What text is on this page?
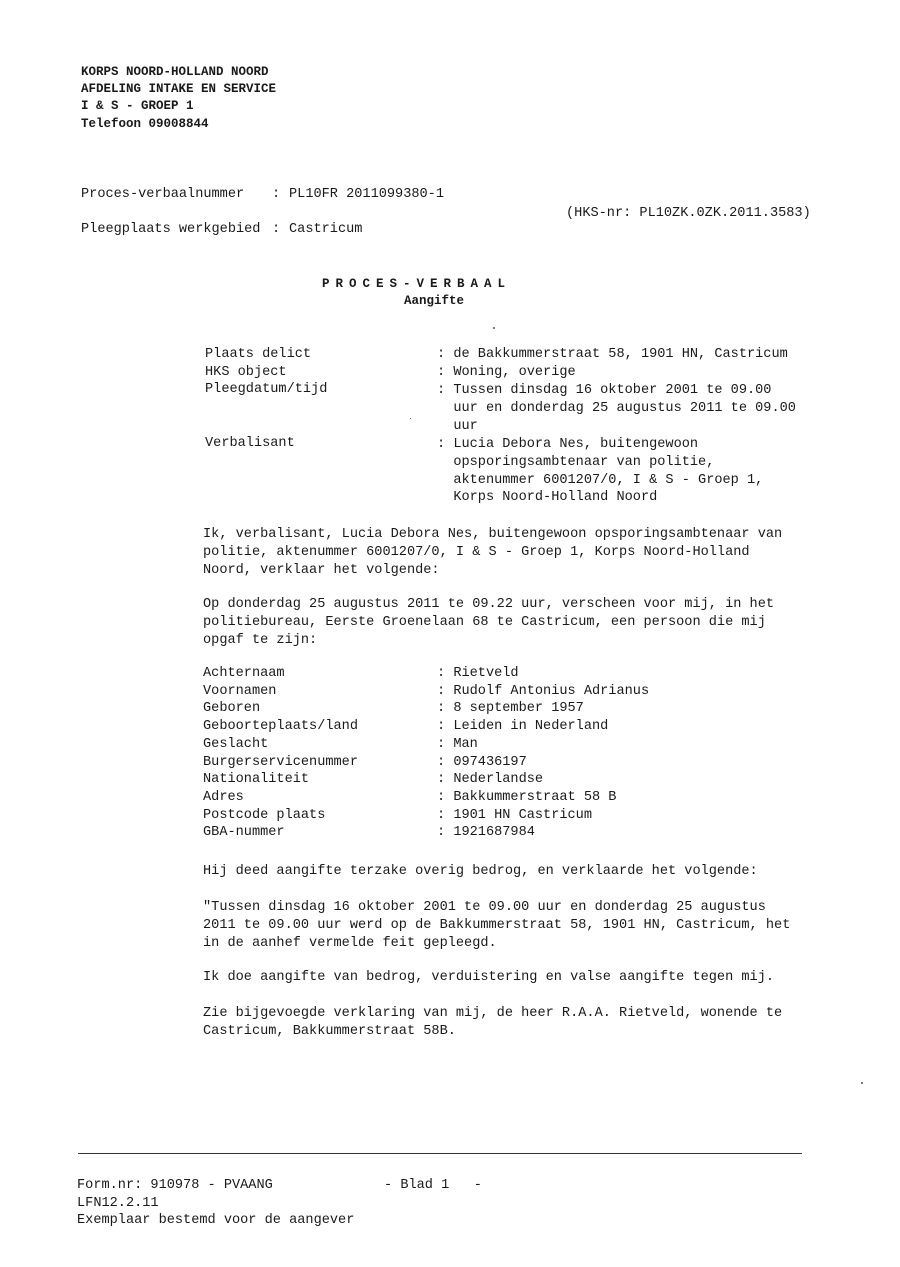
KORPS NOORD-HOLLAND NOORD
AFDELING INTAKE EN SERVICE
I & S - GROEP 1
Telefoon 09008844
Proces-verbaalnummer : PL10FR 2011099380-1
(HKS-nr: PL10ZK.0ZK.2011.3583)
Pleegplaats werkgebied : Castricum
PROCES-VERBAAL
Aangifte
Plaats delict	: de Bakkummerstraat 58, 1901 HN, Castricum
HKS object	: Woning, overige
Pleegdatum/tijd	: Tussen dinsdag 16 oktober 2001 te 09.00
uur en donderdag 25 augustus 2011 te 09.00
uur
Verbalisant	: Lucia Debora Nes, buitengewoon
opsporingsambtenaar van politie,
aktenummer 6001207/0, I & S - Groep 1,
Korps Noord-Holland Noord
Ik, verbalisant, Lucia Debora Nes, buitengewoon opsporingsambtenaar van
politie, aktenummer 6001207/0, I & S - Groep 1, Korps Noord-Holland
Noord, verklaar het volgende:
Op donderdag 25 augustus 2011 te 09.22 uur, verscheen voor mij, in het
politiebureau, Eerste Groenelaan 68 te Castricum, een persoon die mij
opgaf te zijn:
Achternaam	: Rietveld
Voornamen	: Rudolf Antonius Adrianus
Geboren	: 8 september 1957
Geboorteplaats/land	: Leiden in Nederland
Geslacht	: Man
Burgerservicenummer	: 097436197
Nationaliteit	: Nederlandse
Adres	: Bakkummerstraat 58 B
Postcode plaats	: 1901 HN Castricum
GBA-nummer	: 1921687984
Hij deed aangifte terzake overig bedrog, en verklaarde het volgende:
"Tussen dinsdag 16 oktober 2001 te 09.00 uur en donderdag 25 augustus
2011 te 09.00 uur werd op de Bakkummerstraat 58, 1901 HN, Castricum, het
in de aanhef vermelde feit gepleegd.
Ik doe aangifte van bedrog, verduistering en valse aangifte tegen mij.
Zie bijgevoegde verklaring van mij, de heer R.A.A. Rietveld, wonende te
Castricum, Bakkummerstraat 58B.
Form.nr: 910978 - PVAANG	- Blad 1   -
LFN12.2.11
Exemplaar bestemd voor de aangever
